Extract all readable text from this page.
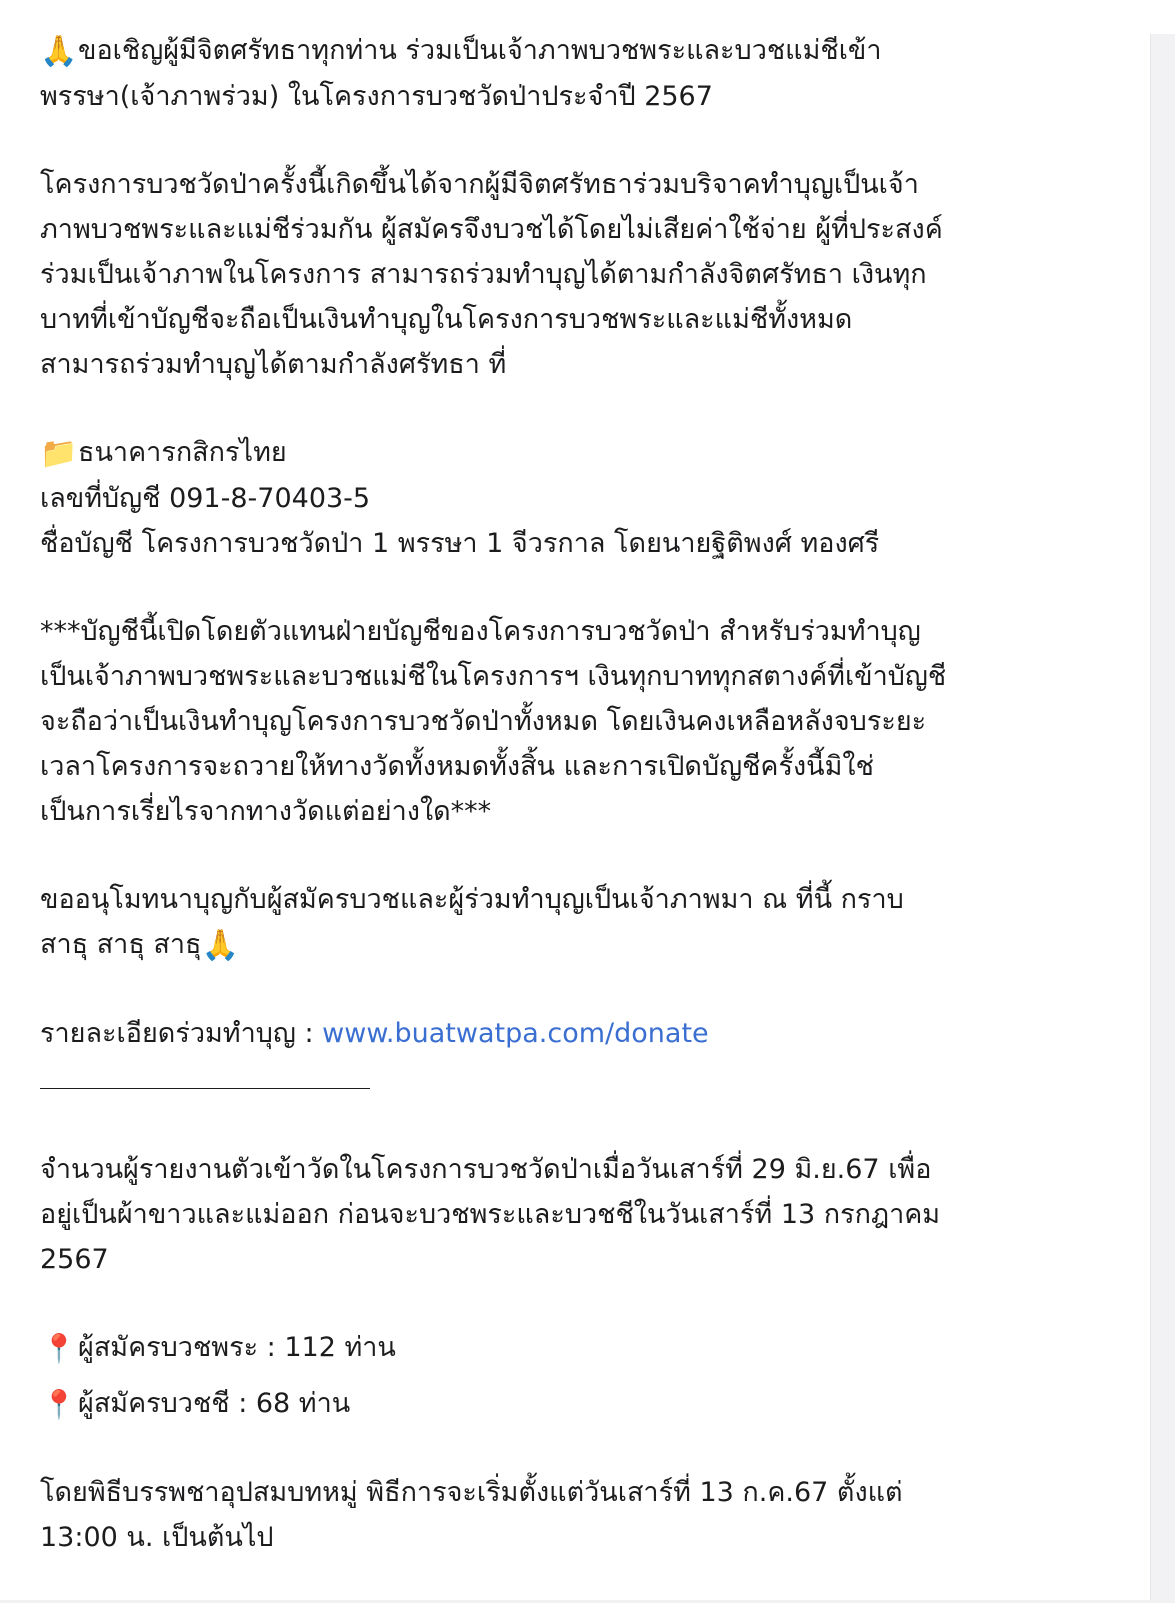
🙏ขอเชิญผู้มีจิตศรัทธาทุกท่าน ร่วมเป็นเจ้าภาพบวชพระและบวชแม่ชีเข้า
พรรษา(เจ้าภาพร่วม) ในโครงการบวชวัดป่าประจำปี 2567
โครงการบวชวัดป่าครั้งนี้เกิดขึ้นได้จากผู้มีจิตศรัทธาร่วมบริจาคทำบุญเป็นเจ้า
ภาพบวชพระและแม่ชีร่วมกัน ผู้สมัครจึงบวชได้โดยไม่เสียค่าใช้จ่าย ผู้ที่ประสงค์
ร่วมเป็นเจ้าภาพในโครงการ สามารถร่วมทำบุญได้ตามกำลังจิตศรัทธา เงินทุก
บาทที่เข้าบัญชีจะถือเป็นเงินทำบุญในโครงการบวชพระและแม่ชีทั้งหมด
สามารถร่วมทำบุญได้ตามกำลังศรัทธา ที่
📁ธนาคารกสิกรไทย
เลขที่บัญชี 091-8-70403-5
ชื่อบัญชี โครงการบวชวัดป่า 1 พรรษา 1 จีวรกาล โดยนายฐิติพงศ์ ทองศรี
***บัญชีนี้เปิดโดยตัวแทนฝ่ายบัญชีของโครงการบวชวัดป่า สำหรับร่วมทำบุญ
เป็นเจ้าภาพบวชพระและบวชแม่ชีในโครงการฯ เงินทุกบาททุกสตางค์ที่เข้าบัญชี
จะถือว่าเป็นเงินทำบุญโครงการบวชวัดป่าทั้งหมด โดยเงินคงเหลือหลังจบระยะ
เวลาโครงการจะถวายให้ทางวัดทั้งหมดทั้งสิ้น และการเปิดบัญชีครั้งนี้มิใช่
เป็นการเรี่ยไรจากทางวัดแต่อย่างใด***
ขออนุโมทนาบุญกับผู้สมัครบวชและผู้ร่วมทำบุญเป็นเจ้าภาพมา ณ ที่นี้ กราบ
สาธุ สาธุ สาธุ🙏
รายละเอียดร่วมทำบุญ : www.buatwatpa.com/donate
จำนวนผู้รายงานตัวเข้าวัดในโครงการบวชวัดป่าเมื่อวันเสาร์ที่ 29 มิ.ย.67 เพื่อ
อยู่เป็นผ้าขาวและแม่ออก ก่อนจะบวชพระและบวชชีในวันเสาร์ที่ 13 กรกฎาคม
2567
📍ผู้สมัครบวชพระ : 112 ท่าน
📍ผู้สมัครบวชชี : 68 ท่าน
โดยพิธีบรรพชาอุปสมบทหมู่ พิธีการจะเริ่มตั้งแต่วันเสาร์ที่ 13 ก.ค.67 ตั้งแต่
13:00 น. เป็นต้นไป
